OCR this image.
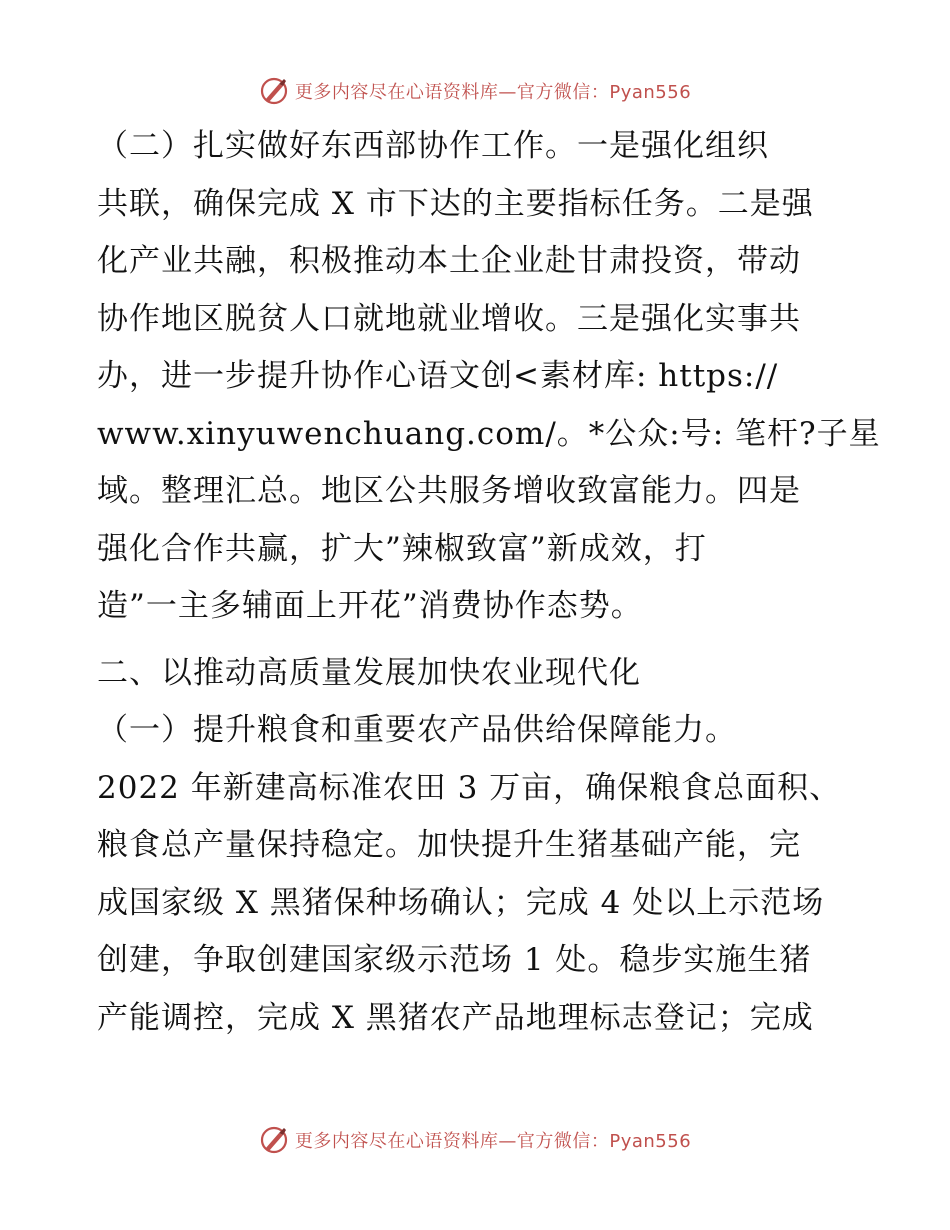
更多内容尽在心语资料库—官方微信：Pyan556
（二）扎实做好东西部协作工作。一是强化组织
共联，确保完成 X 市下达的主要指标任务。二是强
化产业共融，积极推动本土企业赴甘肃投资，带动
协作地区脱贫人口就地就业增收。三是强化实事共
办，进一步提升协作心语文创<素材库: https://
www.xinyuwenchuang.com/。*公众:号: 笔杆?子星
域。整理汇总。地区公共服务增收致富能力。四是
强化合作共赢，扩大”辣椒致富”新成效，打
造”一主多辅面上开花”消费协作态势。
二、以推动高质量发展加快农业现代化
（一）提升粮食和重要农产品供给保障能力。
2022 年新建高标准农田 3 万亩，确保粮食总面积、
粮食总产量保持稳定。加快提升生猪基础产能，完
成国家级 X 黑猪保种场确认；完成 4 处以上示范场
创建，争取创建国家级示范场 1 处。稳步实施生猪
产能调控，完成 X 黑猪农产品地理标志登记；完成
更多内容尽在心语资料库—官方微信：Pyan556
